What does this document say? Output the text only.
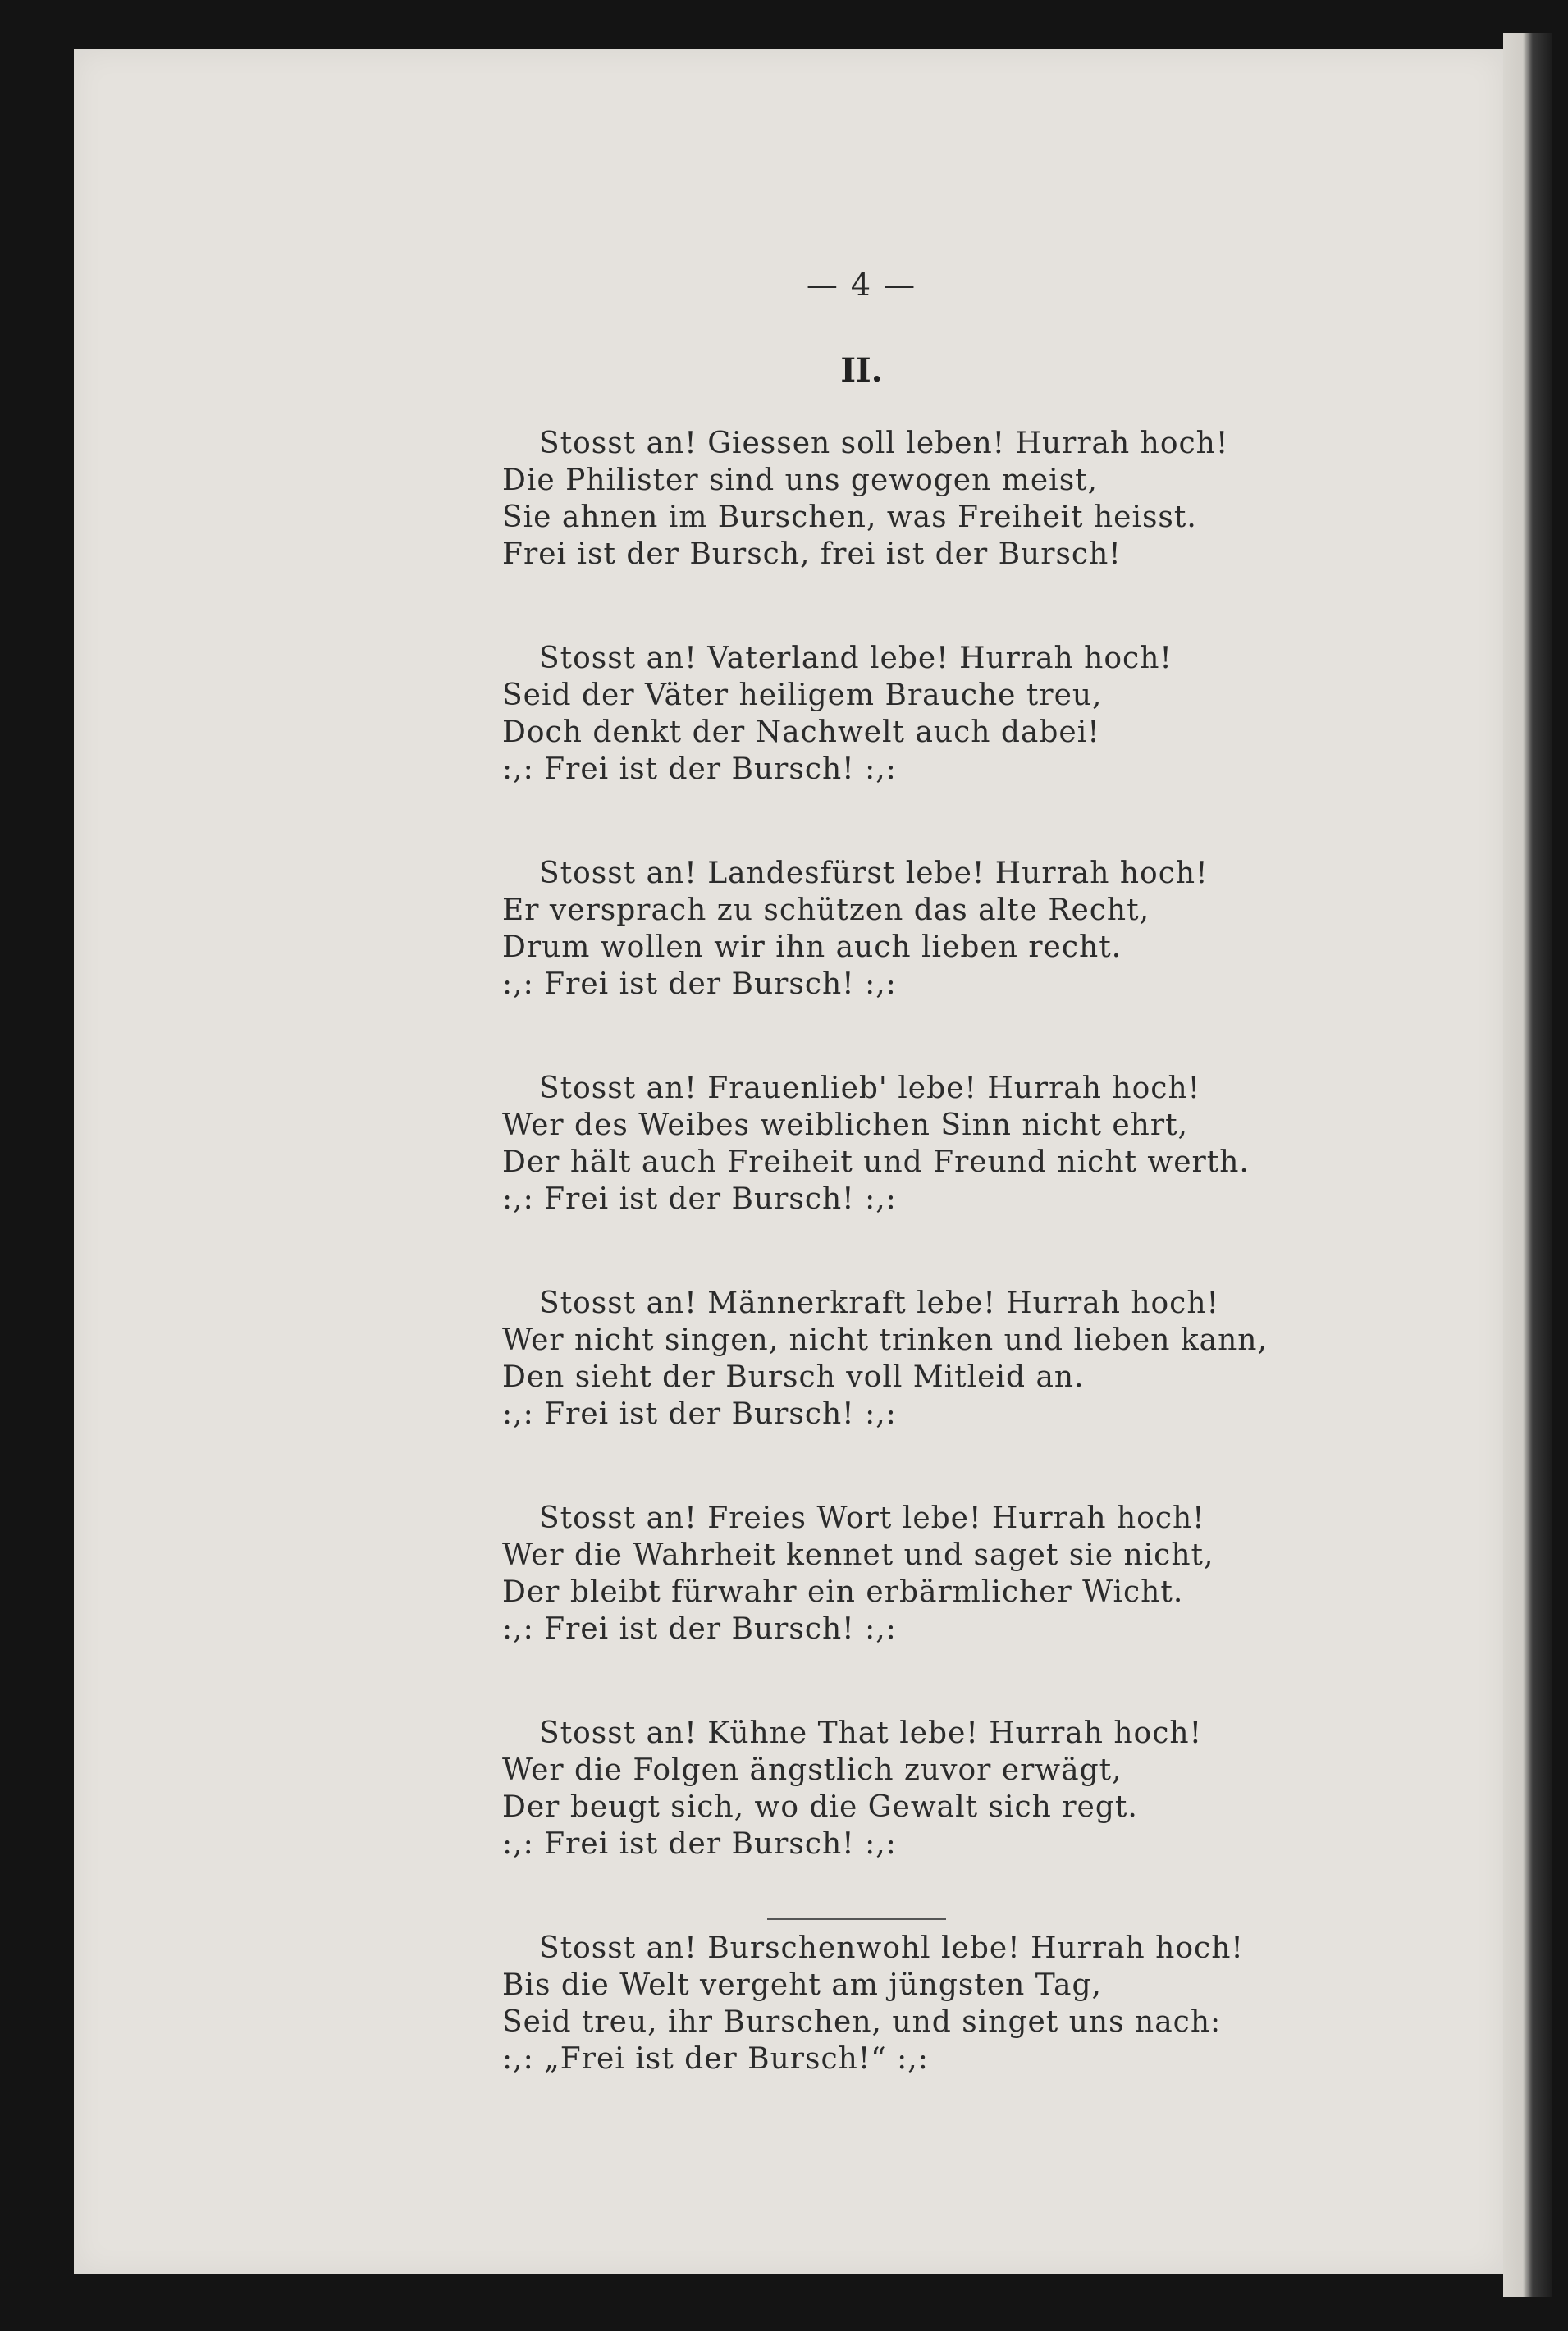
— 4 —
II.
Stosst an! Giessen soll leben! Hurrah hoch!
Die Philister sind uns gewogen meist,
Sie ahnen im Burschen, was Freiheit heisst.
Frei ist der Bursch, frei ist der Bursch!
Stosst an! Vaterland lebe! Hurrah hoch!
Seid der Väter heiligem Brauche treu,
Doch denkt der Nachwelt auch dabei!
:,: Frei ist der Bursch! :,:
Stosst an! Landesfürst lebe! Hurrah hoch!
Er versprach zu schützen das alte Recht,
Drum wollen wir ihn auch lieben recht.
:,: Frei ist der Bursch! :,:
Stosst an! Frauenlieb' lebe! Hurrah hoch!
Wer des Weibes weiblichen Sinn nicht ehrt,
Der hält auch Freiheit und Freund nicht werth.
:,: Frei ist der Bursch! :,:
Stosst an! Männerkraft lebe! Hurrah hoch!
Wer nicht singen, nicht trinken und lieben kann,
Den sieht der Bursch voll Mitleid an.
:,: Frei ist der Bursch! :,:
Stosst an! Freies Wort lebe! Hurrah hoch!
Wer die Wahrheit kennet und saget sie nicht,
Der bleibt fürwahr ein erbärmlicher Wicht.
:,: Frei ist der Bursch! :,:
Stosst an! Kühne That lebe! Hurrah hoch!
Wer die Folgen ängstlich zuvor erwägt,
Der beugt sich, wo die Gewalt sich regt.
:,: Frei ist der Bursch! :,:
Stosst an! Burschenwohl lebe! Hurrah hoch!
Bis die Welt vergeht am jüngsten Tag,
Seid treu, ihr Burschen, und singet uns nach:
:,: „Frei ist der Bursch!“ :,:
